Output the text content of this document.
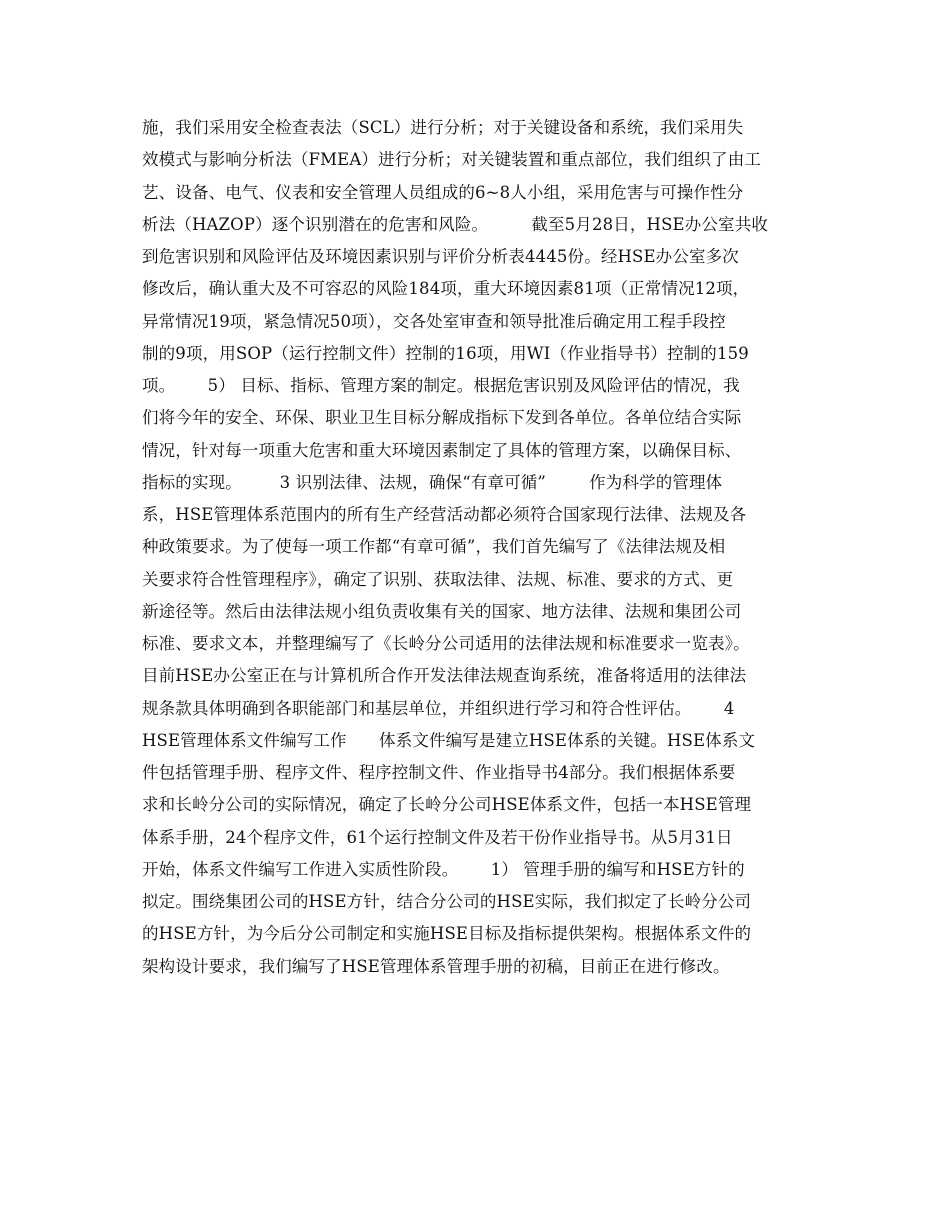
施，我们采用安全检查表法（SCL）进行分析；对于关键设备和系统，我们采用失
效模式与影响分析法（FMEA）进行分析；对关键装置和重点部位，我们组织了由工
艺、设备、电气、仪表和安全管理人员组成的6~8人小组，采用危害与可操作性分
析法（HAZOP）逐个识别潜在的危害和风险。        截至5月28日，HSE办公室共收
到危害识别和风险评估及环境因素识别与评价分析表4445份。经HSE办公室多次
修改后，确认重大及不可容忍的风险184项，重大环境因素81项（正常情况12项，
异常情况19项，紧急情况50项），交各处室审查和领导批准后确定用工程手段控
制的9项，用SOP（运行控制文件）控制的16项，用WI（作业指导书）控制的159
项。      5） 目标、指标、管理方案的制定。根据危害识别及风险评估的情况，我
们将今年的安全、环保、职业卫生目标分解成指标下发到各单位。各单位结合实际
情况，针对每一项重大危害和重大环境因素制定了具体的管理方案，以确保目标、
指标的实现。       3 识别法律、法规，确保“有章可循”        作为科学的管理体
系，HSE管理体系范围内的所有生产经营活动都必须符合国家现行法律、法规及各
种政策要求。为了使每一项工作都“有章可循”，我们首先编写了《法律法规及相
关要求符合性管理程序》，确定了识别、获取法律、法规、标准、要求的方式、更
新途径等。然后由法律法规小组负责收集有关的国家、地方法律、法规和集团公司
标准、要求文本，并整理编写了《长岭分公司适用的法律法规和标准要求一览表》。
目前HSE办公室正在与计算机所合作开发法律法规查询系统，准备将适用的法律法
规条款具体明确到各职能部门和基层单位，并组织进行学习和符合性评估。      4
HSE管理体系文件编写工作      体系文件编写是建立HSE体系的关键。HSE体系文
件包括管理手册、程序文件、程序控制文件、作业指导书4部分。我们根据体系要
求和长岭分公司的实际情况，确定了长岭分公司HSE体系文件，包括一本HSE管理
体系手册，24个程序文件，61个运行控制文件及若干份作业指导书。从5月31日
开始，体系文件编写工作进入实质性阶段。      1） 管理手册的编写和HSE方针的
拟定。围绕集团公司的HSE方针，结合分公司的HSE实际，我们拟定了长岭分公司
的HSE方针，为今后分公司制定和实施HSE目标及指标提供架构。根据体系文件的
架构设计要求，我们编写了HSE管理体系管理手册的初稿，目前正在进行修改。
